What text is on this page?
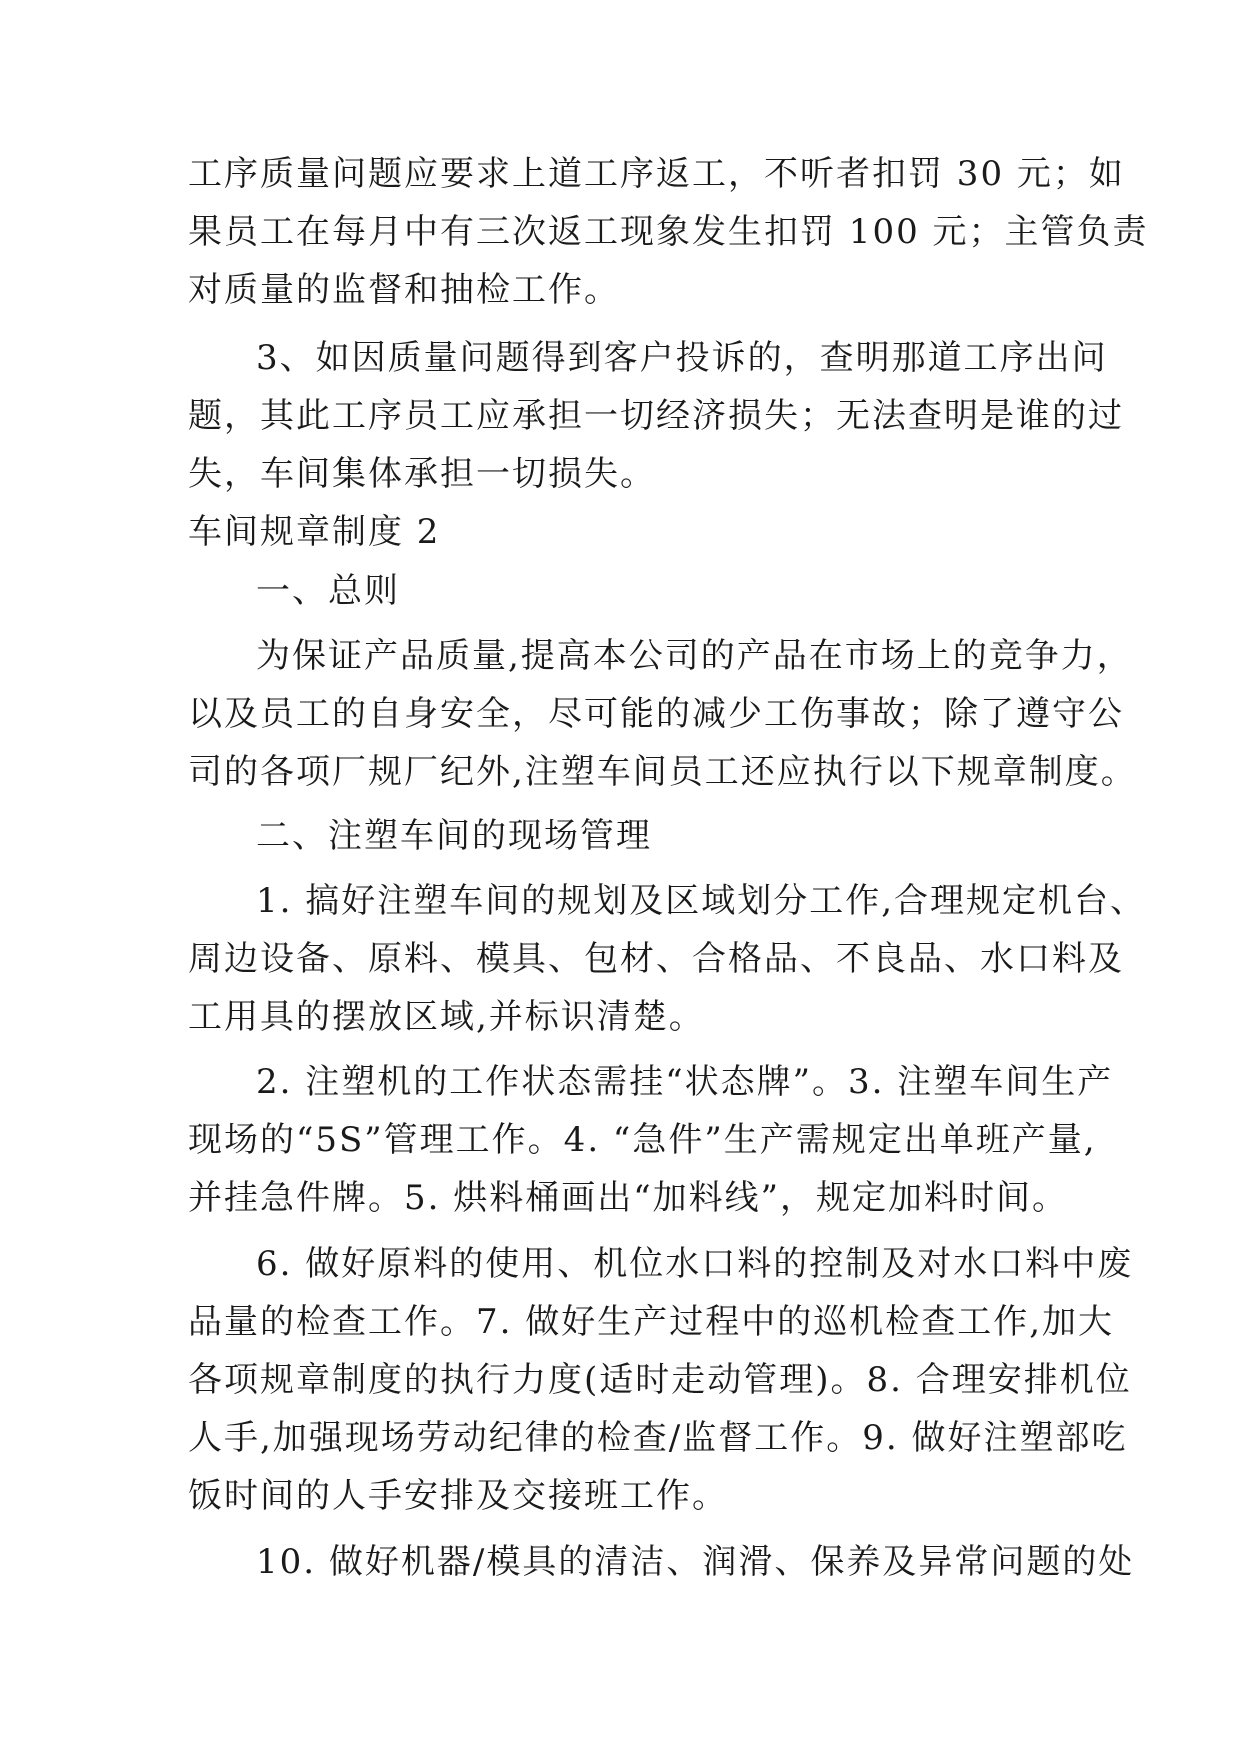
工序质量问题应要求上道工序返工，不听者扣罚 30 元；如
果员工在每月中有三次返工现象发生扣罚 100 元；主管负责
对质量的监督和抽检工作。
3、如因质量问题得到客户投诉的，查明那道工序出问
题，其此工序员工应承担一切经济损失；无法查明是谁的过
失，车间集体承担一切损失。
车间规章制度 2
一、总则
为保证产品质量,提高本公司的产品在市场上的竞争力，
以及员工的自身安全，尽可能的减少工伤事故；除了遵守公
司的各项厂规厂纪外,注塑车间员工还应执行以下规章制度。
二、注塑车间的现场管理
1. 搞好注塑车间的规划及区域划分工作,合理规定机台、
周边设备、原料、模具、包材、合格品、不良品、水口料及
工用具的摆放区域,并标识清楚。
2. 注塑机的工作状态需挂“状态牌”。3. 注塑车间生产
现场的“5S”管理工作。4. “急件”生产需规定出单班产量,
并挂急件牌。5. 烘料桶画出“加料线”，规定加料时间。
6. 做好原料的使用、机位水口料的控制及对水口料中废
品量的检查工作。7. 做好生产过程中的巡机检查工作,加大
各项规章制度的执行力度(适时走动管理)。8. 合理安排机位
人手,加强现场劳动纪律的检查/监督工作。9. 做好注塑部吃
饭时间的人手安排及交接班工作。
10. 做好机器/模具的清洁、润滑、保养及异常问题的处
